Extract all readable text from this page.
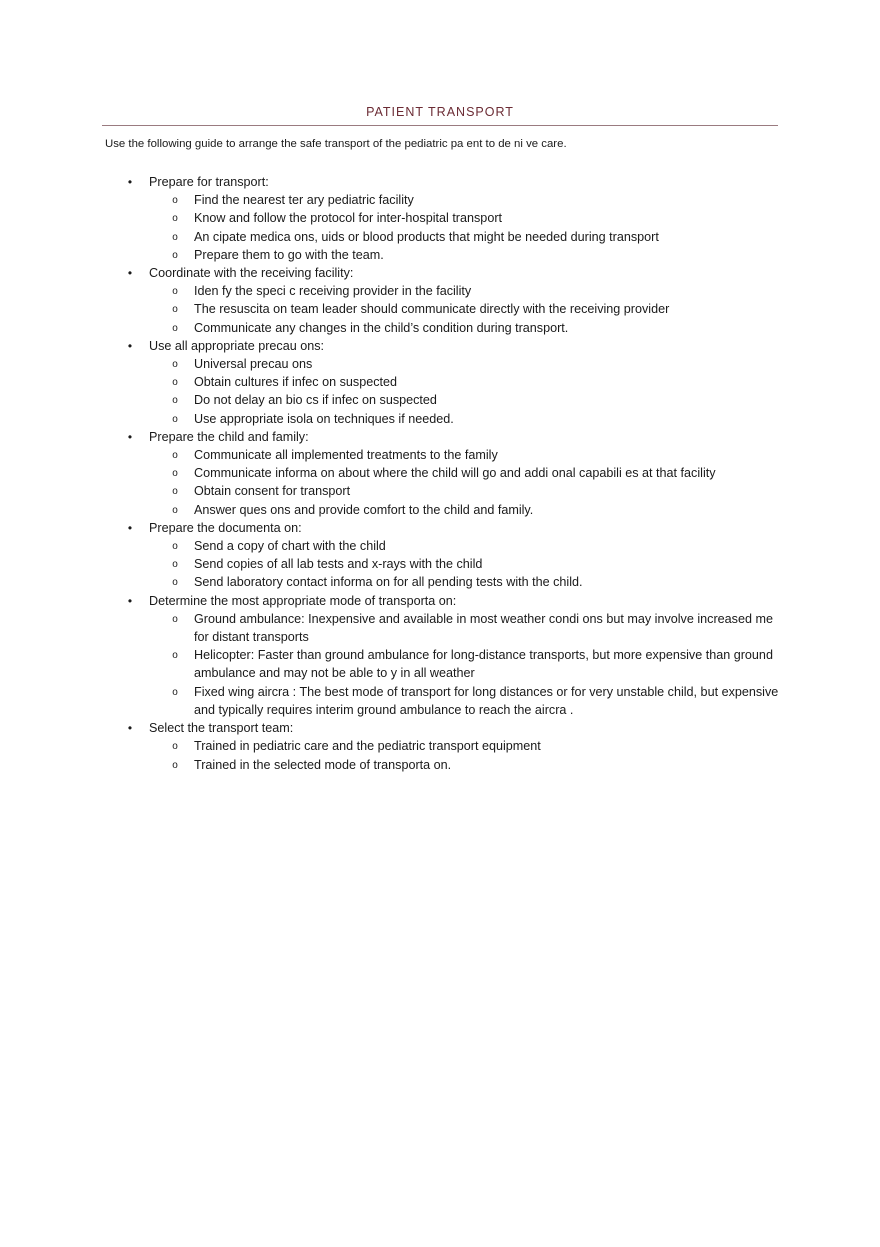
PATIENT TRANSPORT
Use the following guide to arrange the safe transport of the pediatric pa ent to de ni ve care.
• Prepare for transport:
o Find the nearest ter ary pediatric facility
o Know and follow the protocol for inter-hospital transport
o An cipate medica ons, uids or blood products that might be needed during transport
o Prepare them to go with the team.
• Coordinate with the receiving facility:
o Iden fy the speci c receiving provider in the facility
o The resuscita on team leader should communicate directly with the receiving provider
o Communicate any changes in the child’s condition during transport.
• Use all appropriate precau ons:
o Universal precau ons
o Obtain cultures if infec on suspected
o Do not delay an bio cs if infec on suspected
o Use appropriate isola on techniques if needed.
• Prepare the child and family:
o Communicate all implemented treatments to the family
o Communicate informa on about where the child will go and addi onal capabili es at that facility
o Obtain consent for transport
o Answer ques ons and provide comfort to the child and family.
• Prepare the documenta on:
o Send a copy of chart with the child
o Send copies of all lab tests and x-rays with the child
o Send laboratory contact informa on for all pending tests with the child.
• Determine the most appropriate mode of transporta on:
o Ground ambulance: Inexpensive and available in most weather condi ons but may involve increased me for distant transports
o Helicopter: Faster than ground ambulance for long-distance transports, but more expensive than ground ambulance and may not be able to y in all weather
o Fixed wing aircra : The best mode of transport for long distances or for very unstable child, but expensive and typically requires interim ground ambulance to reach the aircra .
• Select the transport team:
o Trained in pediatric care and the pediatric transport equipment
o Trained in the selected mode of transporta on.
